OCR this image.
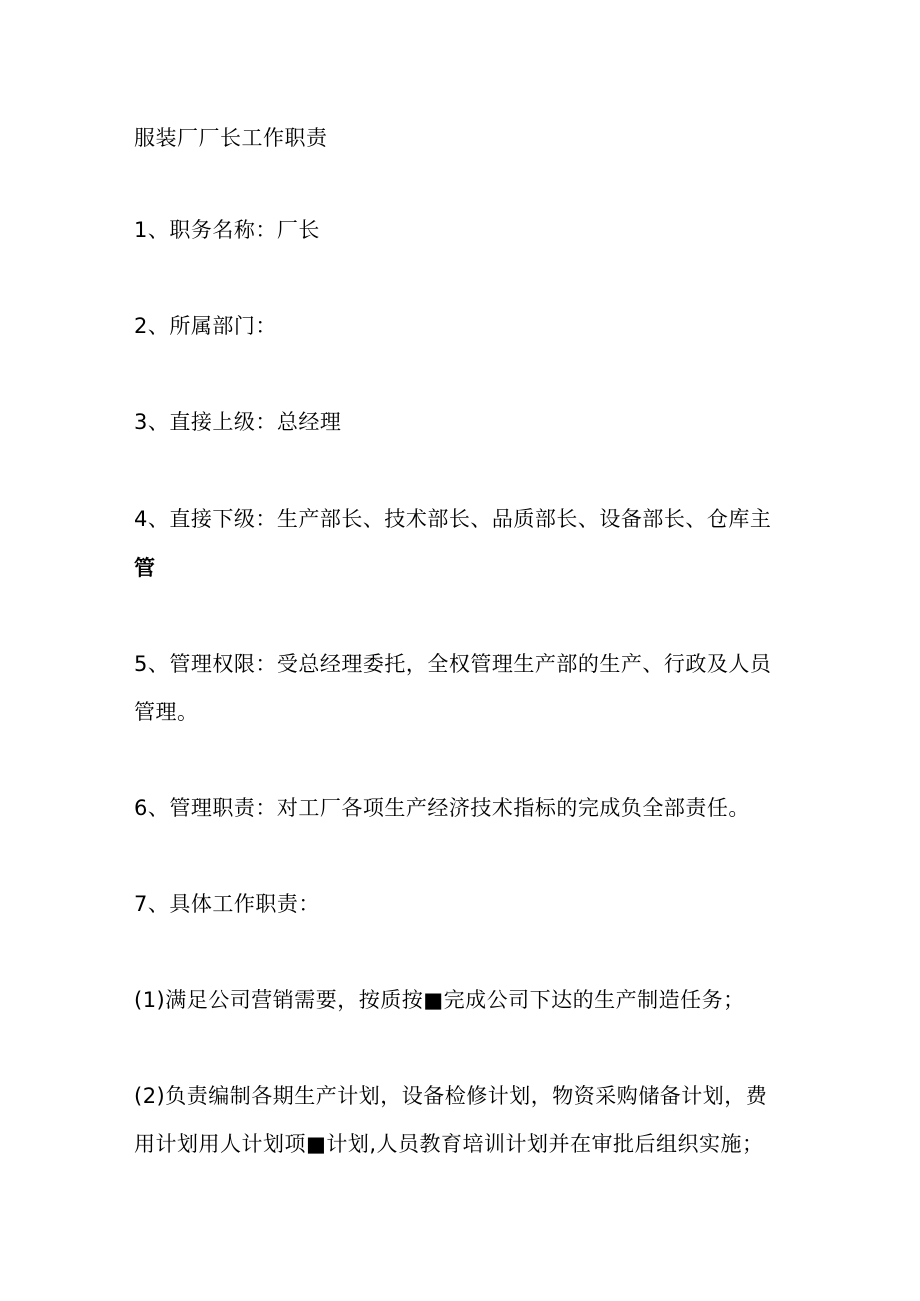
服装厂厂长工作职责
1、职务名称：厂长
2、所属部门：
3、直接上级：总经理
4、直接下级：生产部长、技术部长、品质部长、设备部长、仓库主
管
5、管理权限：受总经理委托，全权管理生产部的生产、行政及人员
管理。
6、管理职责：对工厂各项生产经济技术指标的完成负全部责任。
7、具体工作职责：
(1)满足公司营销需要，按质按■完成公司下达的生产制造任务；
(2)负责编制各期生产计划，设备检修计划，物资采购储备计划，费
用计划用人计划项■计划,人员教育培训计划并在审批后组织实施；
